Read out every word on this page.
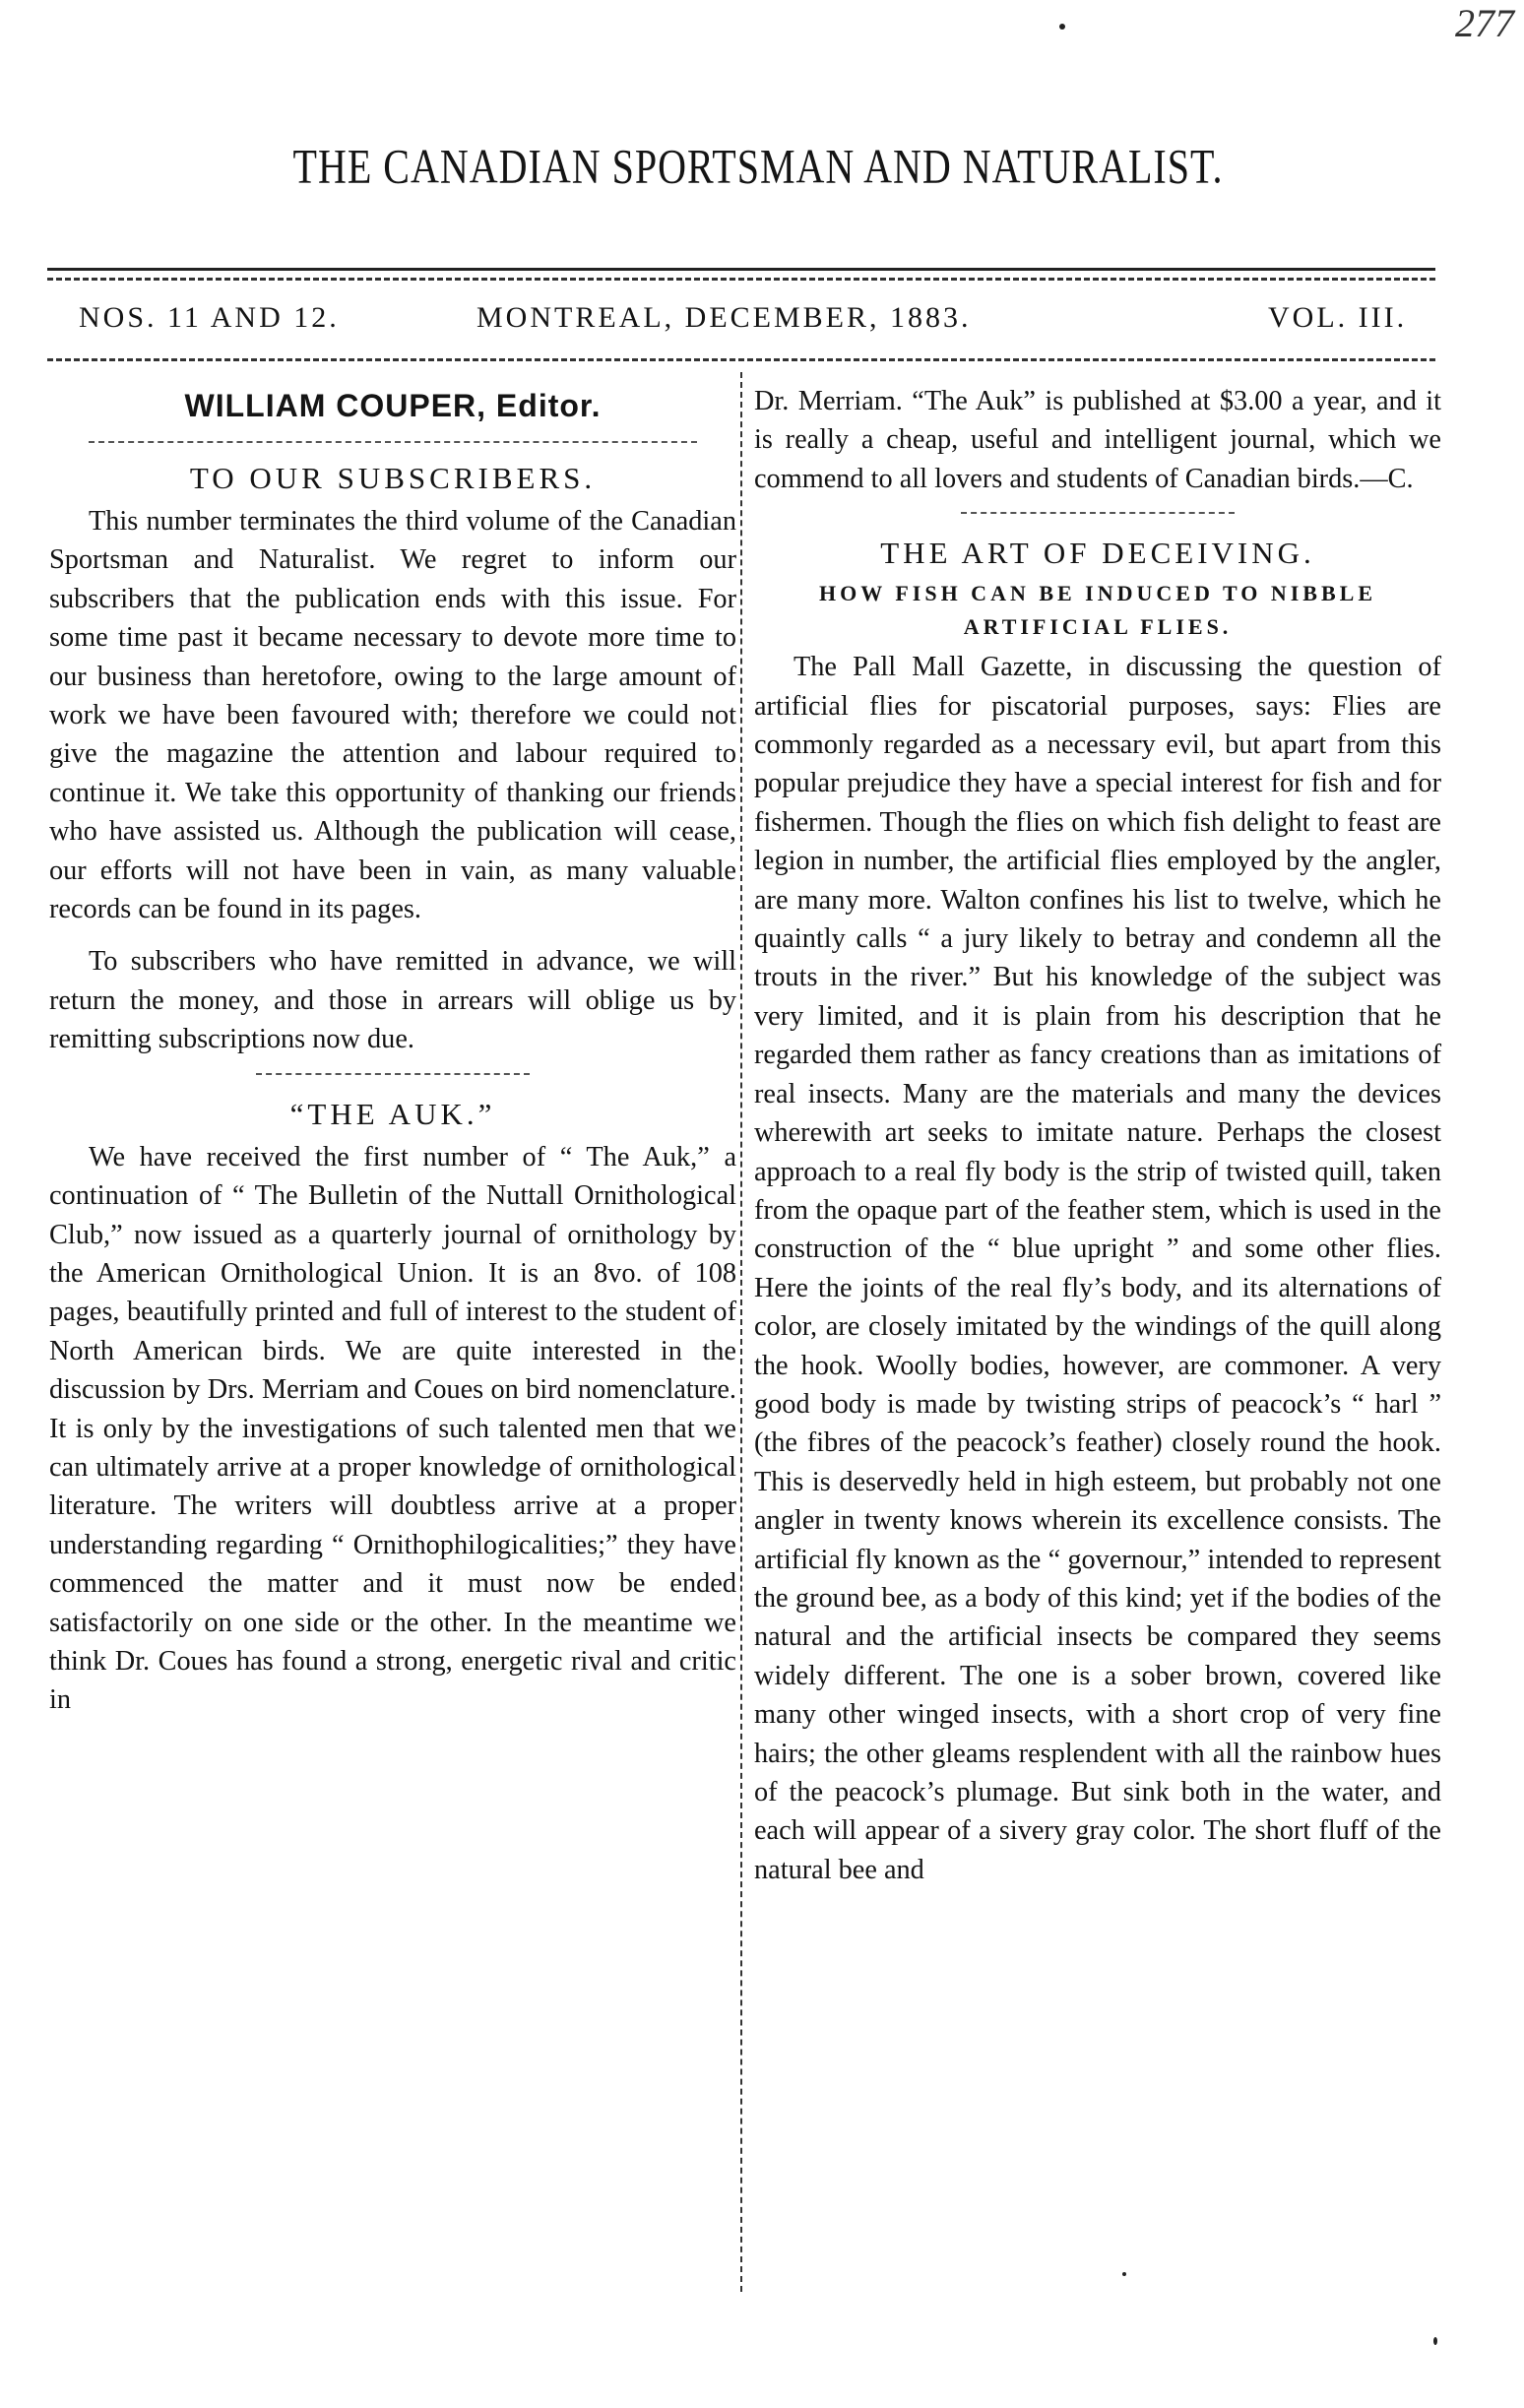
277
THE CANADIAN SPORTSMAN AND NATURALIST.
NOS. 11 AND 12.	MONTREAL, DECEMBER, 1883.	VOL. III.
WILLIAM COUPER, Editor.
TO OUR SUBSCRIBERS.

This number terminates the third volume of the Canadian Sportsman and Naturalist. We regret to inform our subscribers that the publication ends with this issue. For some time past it became necessary to devote more time to our business than heretofore, owing to the large amount of work we have been favoured with; therefore we could not give the magazine the attention and labour required to continue it. We take this opportunity of thanking our friends who have assisted us. Although the publication will cease, our efforts will not have been in vain, as many valuable records can be found in its pages.

To subscribers who have remitted in advance, we will return the money, and those in arrears will oblige us by remitting subscriptions now due.

“THE AUK.”

We have received the first number of “ The Auk,” a continuation of “ The Bulletin of the Nuttall Ornithological Club,” now issued as a quarterly journal of ornithology by the American Ornithological Union. It is an 8vo. of 108 pages, beautifully printed and full of interest to the student of North American birds. We are quite interested in the discussion by Drs. Merriam and Coues on bird nomenclature. It is only by the investigations of such talented men that we can ultimately arrive at a proper knowledge of ornithological literature. The writers will doubtless arrive at a proper understanding regarding “ Ornithophilogicalities;” they have commenced the matter and it must now be ended satisfactorily on one side or the other. In the meantime we think Dr. Coues has found a strong, energetic rival and critic in

Dr. Merriam. “The Auk” is published at $3.00 a year, and it is really a cheap, useful and intelligent journal, which we commend to all lovers and students of Canadian birds.—C.

THE ART OF DECEIVING.
HOW FISH CAN BE INDUCED TO NIBBLE ARTIFICIAL FLIES.

The Pall Mall Gazette, in discussing the question of artificial flies for piscatorial purposes, says: Flies are commonly regarded as a necessary evil, but apart from this popular prejudice they have a special interest for fish and for fishermen. Though the flies on which fish delight to feast are legion in number, the artificial flies employed by the angler, are many more. Walton confines his list to twelve, which he quaintly calls “ a jury likely to betray and condemn all the trouts in the river.” But his knowledge of the subject was very limited, and it is plain from his description that he regarded them rather as fancy creations than as imitations of real insects. Many are the materials and many the devices wherewith art seeks to imitate nature. Perhaps the closest approach to a real fly body is the strip of twisted quill, taken from the opaque part of the feather stem, which is used in the construction of the “ blue upright ” and some other flies. Here the joints of the real fly’s body, and its alternations of color, are closely imitated by the windings of the quill along the hook. Woolly bodies, however, are commoner. A very good body is made by twisting strips of peacock’s “ harl ” (the fibres of the peacock’s feather) closely round the hook. This is deservedly held in high esteem, but probably not one angler in twenty knows wherein its excellence consists. The artificial fly known as the “ governour,” intended to represent the ground bee, as a body of this kind; yet if the bodies of the natural and the artificial insects be compared they seems widely different. The one is a sober brown, covered like many other winged insects, with a short crop of very fine hairs; the other gleams resplendent with all the rainbow hues of the peacock’s plumage. But sink both in the water, and each will appear of a sivery gray color. The short fluff of the natural bee and
